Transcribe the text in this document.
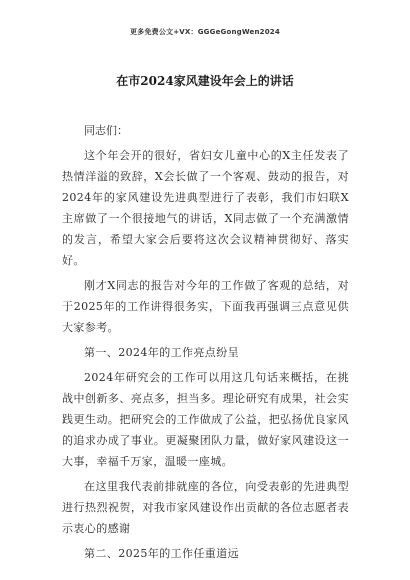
更多免费公文+VX：GGGeGongWen2024
在市2024家风建设年会上的讲话

同志们：

这个年会开的很好，省妇女儿童中心的X主任发表了热情洋溢的致辞，X会长做了一个客观、鼓动的报告，对2024年的家风建设先进典型进行了表彰，我们市妇联X主席做了一个很接地气的讲话，X同志做了一个充满激情的发言，希望大家会后要将这次会议精神贯彻好、落实好。

刚才X同志的报告对今年的工作做了客观的总结，对于2025年的工作讲得很务实，下面我再强调三点意见供大家参考。

第一、2024年的工作亮点纷呈

2024年研究会的工作可以用这几句话来概括，在挑战中创新多、亮点多，担当多。理论研究有成果，社会实践更生动。把研究会的工作做成了公益，把弘扬优良家风的追求办成了事业。更凝聚团队力量，做好家风建设这一大事，幸福千万家，温暖一座城。

在这里我代表前排就座的各位，向受表彰的先进典型进行热烈祝贺，对我市家风建设作出贡献的各位志愿者表示衷心的感谢

第二、2025年的工作任重道远
